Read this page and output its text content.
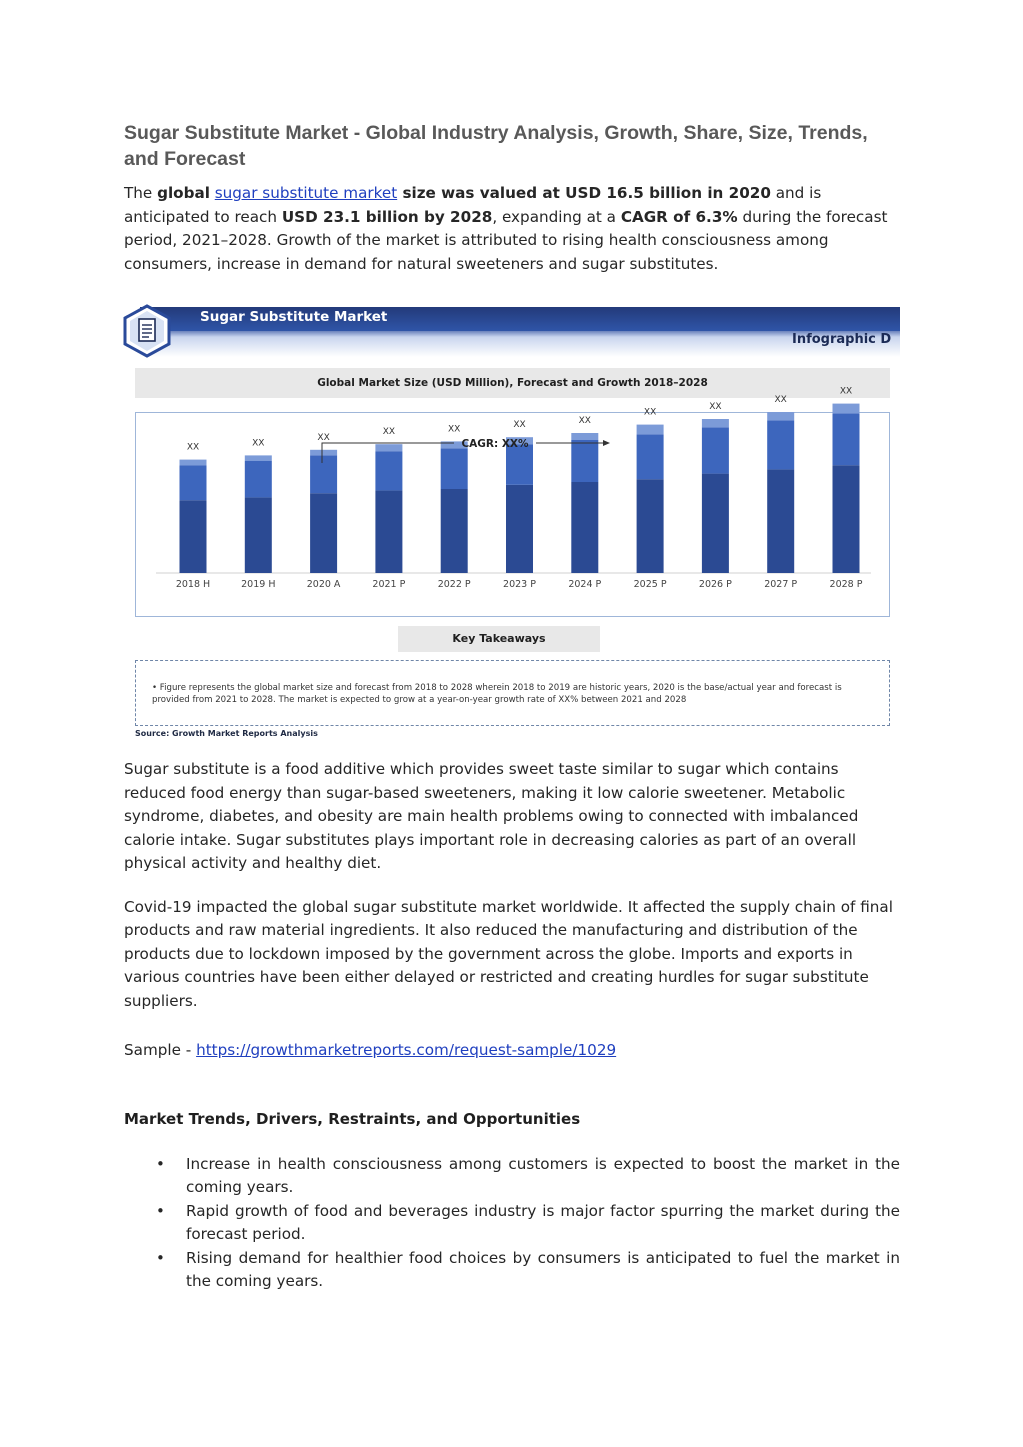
Sugar Substitute Market - Global Industry Analysis, Growth, Share, Size, Trends, and Forecast

The global sugar substitute market size was valued at USD 16.5 billion in 2020 and is anticipated to reach USD 23.1 billion by 2028, expanding at a CAGR of 6.3% during the forecast period, 2021–2028. Growth of the market is attributed to rising health consciousness among consumers, increase in demand for natural sweeteners and sugar substitutes.

Sugar Substitute Market
Infographic D
Global Market Size (USD Million), Forecast and Growth 2018–2028
XX
2018 H
XX
2019 H
XX
2020 A
XX
2021 P
XX
2022 P
XX
2023 P
XX
2024 P
XX
2025 P
XX
2026 P
XX
2027 P
XX
2028 P
CAGR: XX%
Key Takeaways
• Figure represents the global market size and forecast from 2018 to 2028 wherein 2018 to 2019 are historic years, 2020 is the base/actual year and forecast is provided from 2021 to 2028. The market is expected to grow at a year-on-year growth rate of XX% between 2021 and 2028
Source: Growth Market Reports Analysis

Sugar substitute is a food additive which provides sweet taste similar to sugar which contains reduced food energy than sugar-based sweeteners, making it low calorie sweetener. Metabolic syndrome, diabetes, and obesity are main health problems owing to connected with imbalanced calorie intake. Sugar substitutes plays important role in decreasing calories as part of an overall physical activity and healthy diet.

Covid-19 impacted the global sugar substitute market worldwide. It affected the supply chain of final products and raw material ingredients. It also reduced the manufacturing and distribution of the products due to lockdown imposed by the government across the globe. Imports and exports in various countries have been either delayed or restricted and creating hurdles for sugar substitute suppliers.

Sample - https://growthmarketreports.com/request-sample/1029

Market Trends, Drivers, Restraints, and Opportunities
• Increase in health consciousness among customers is expected to boost the market in the coming years.
• Rapid growth of food and beverages industry is major factor spurring the market during the forecast period.
• Rising demand for healthier food choices by consumers is anticipated to fuel the market in the coming years.
